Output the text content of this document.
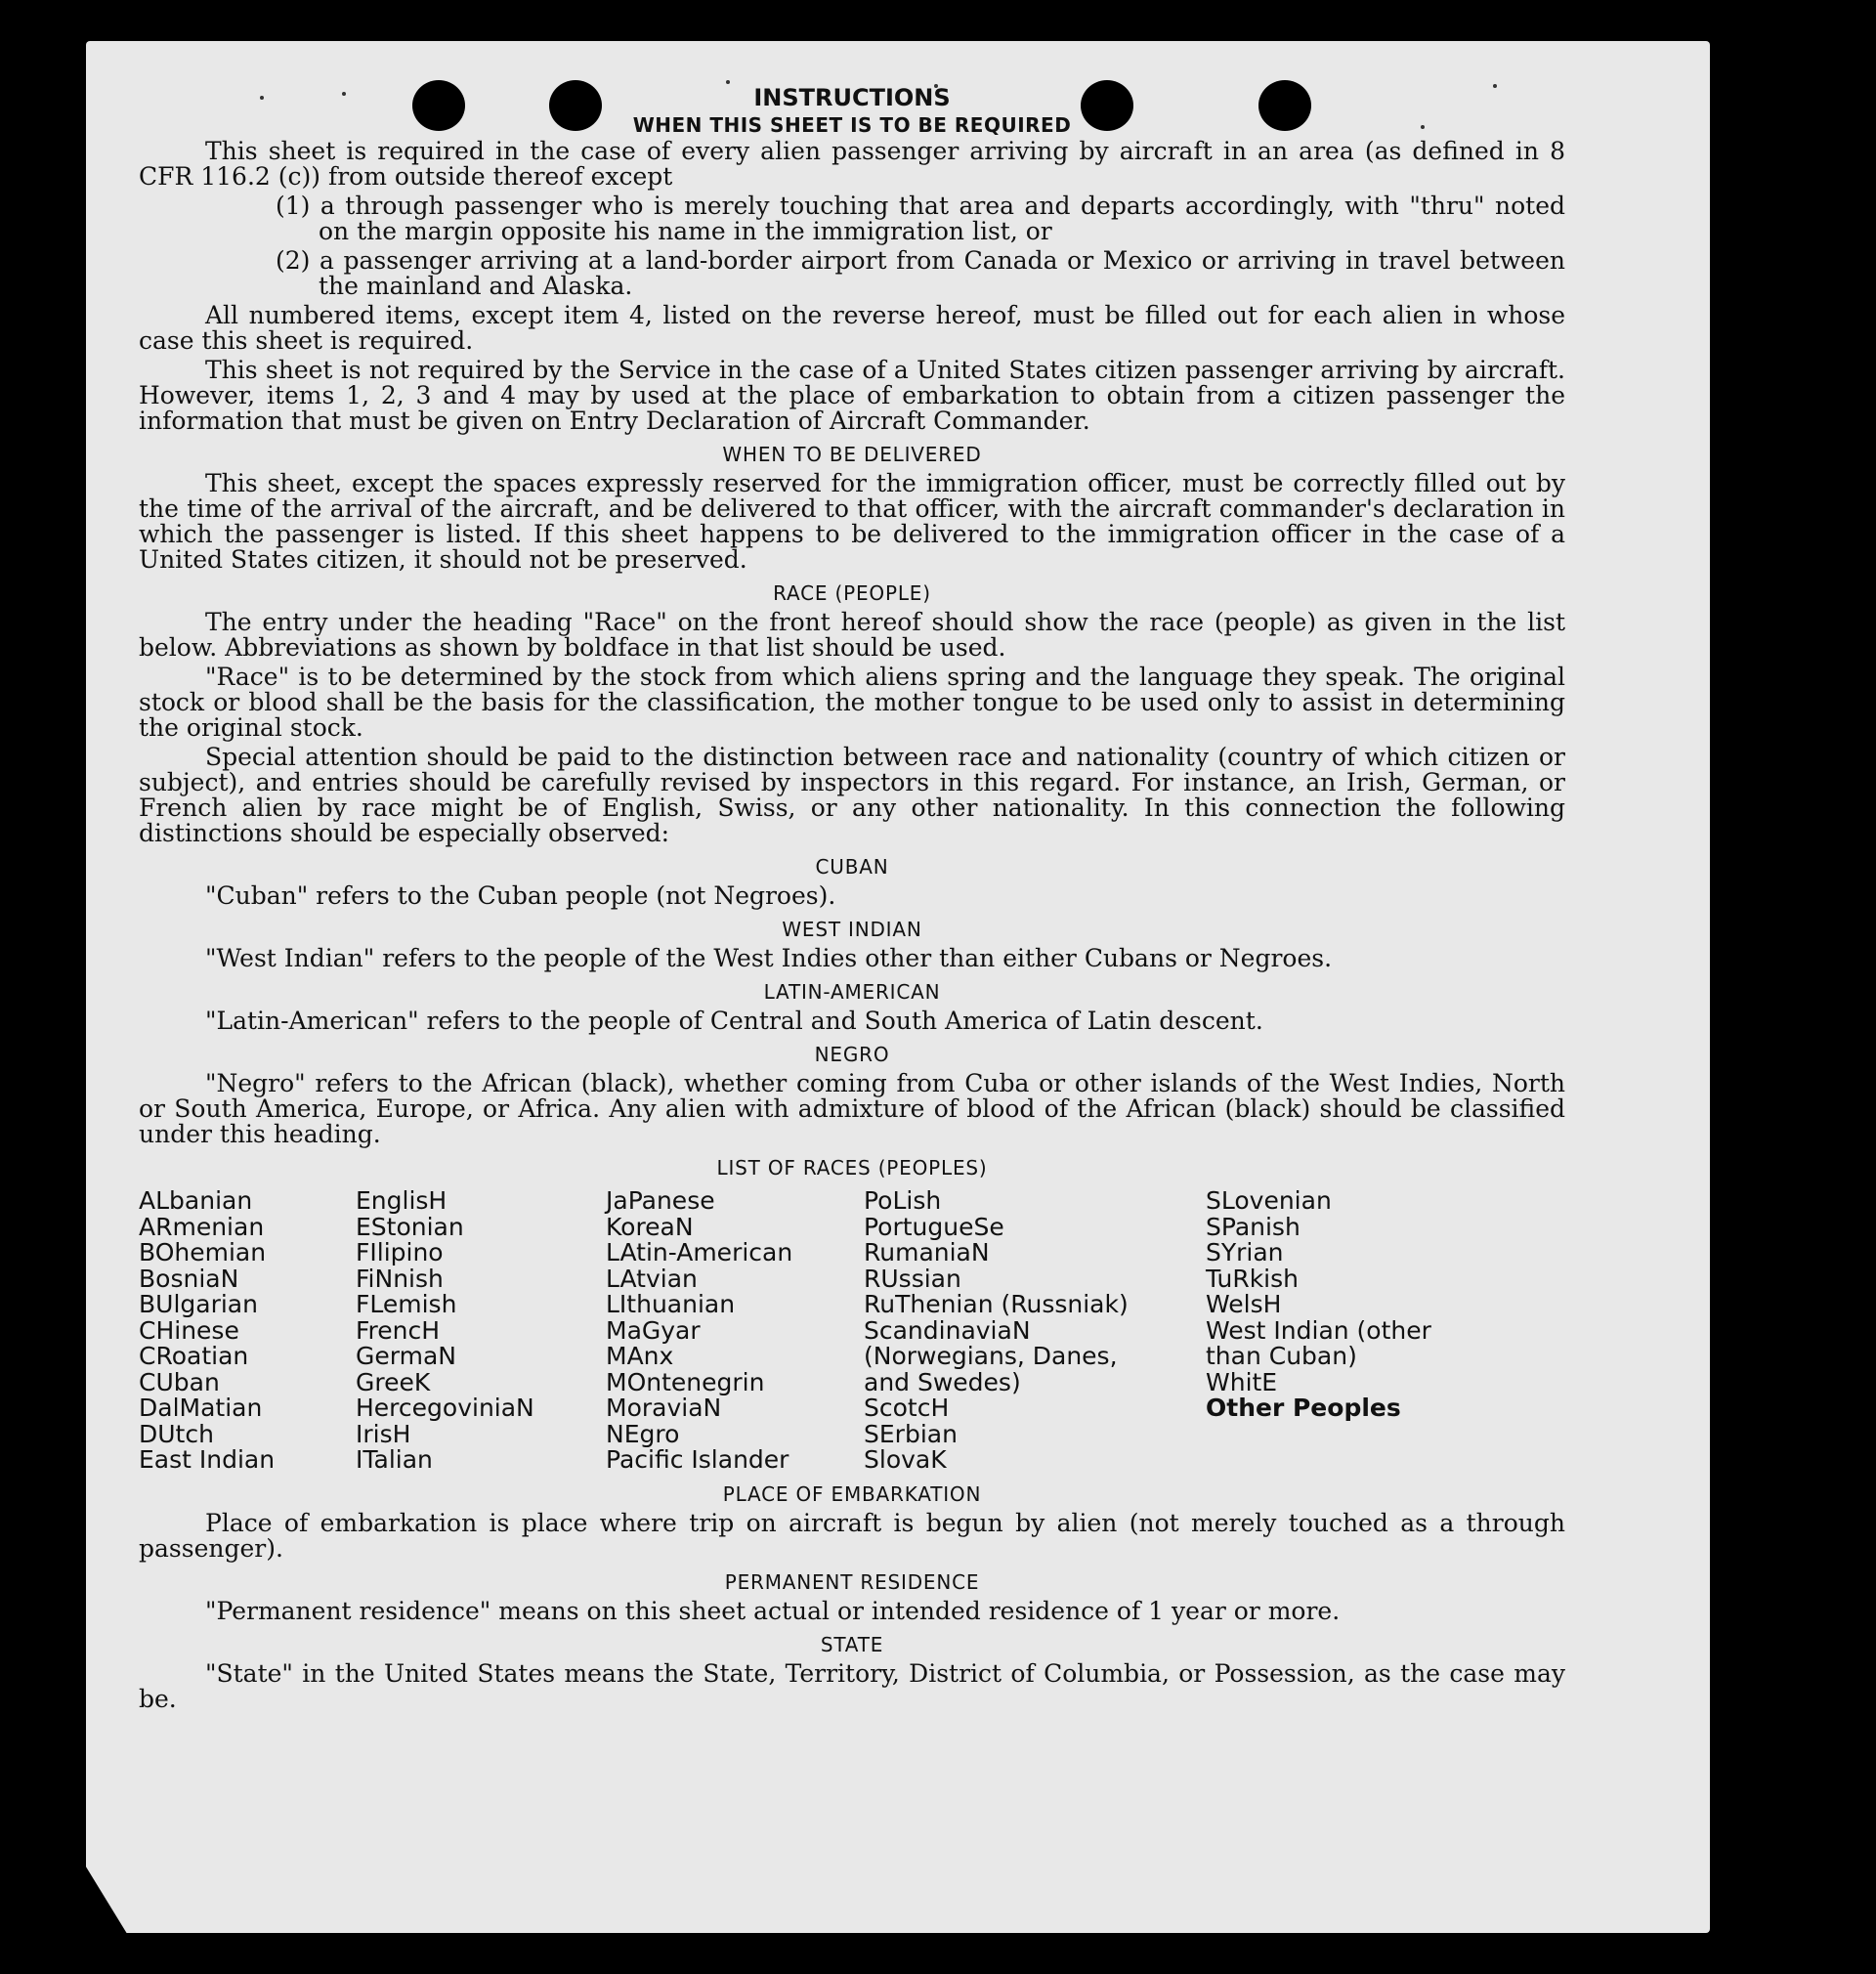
INSTRUCTIONS

WHEN THIS SHEET IS TO BE REQUIRED

This sheet is required in the case of every alien passenger arriving by aircraft in an area (as defined in 8 CFR 116.2 (c)) from outside thereof except

(1) a through passenger who is merely touching that area and departs accordingly, with "thru" noted on the margin opposite his name in the immigration list, or

(2) a passenger arriving at a land-border airport from Canada or Mexico or arriving in travel between the mainland and Alaska.

All numbered items, except item 4, listed on the reverse hereof, must be filled out for each alien in whose case this sheet is required.

This sheet is not required by the Service in the case of a United States citizen passenger arriving by aircraft. However, items 1, 2, 3 and 4 may by used at the place of embarkation to obtain from a citizen passenger the information that must be given on Entry Declaration of Aircraft Commander.

WHEN TO BE DELIVERED

This sheet, except the spaces expressly reserved for the immigration officer, must be correctly filled out by the time of the arrival of the aircraft, and be delivered to that officer, with the aircraft commander's declaration in which the passenger is listed. If this sheet happens to be delivered to the immigration officer in the case of a United States citizen, it should not be preserved.

RACE (PEOPLE)

The entry under the heading "Race" on the front hereof should show the race (people) as given in the list below. Abbreviations as shown by boldface in that list should be used.

"Race" is to be determined by the stock from which aliens spring and the language they speak. The original stock or blood shall be the basis for the classification, the mother tongue to be used only to assist in determining the original stock.

Special attention should be paid to the distinction between race and nationality (country of which citizen or subject), and entries should be carefully revised by inspectors in this regard. For instance, an Irish, German, or French alien by race might be of English, Swiss, or any other nationality. In this connection the following distinctions should be especially observed:

CUBAN

"Cuban" refers to the Cuban people (not Negroes).

WEST INDIAN

"West Indian" refers to the people of the West Indies other than either Cubans or Negroes.

LATIN-AMERICAN

"Latin-American" refers to the people of Central and South America of Latin descent.

NEGRO

"Negro" refers to the African (black), whether coming from Cuba or other islands of the West Indies, North or South America, Europe, or Africa. Any alien with admixture of blood of the African (black) should be classified under this heading.

LIST OF RACES (PEOPLES)

ALbanian
ARmenian
BOhemian
BosniaN
BUlgarian
CHinese
CRoatian
CUban
DalMatian
DUtch
East Indian
EnglisH
EStonian
FIlipino
FiNnish
FLemish
FrencH
GermaN
GreeK
HercegoviniaN
IrisH
ITalian
JaPanese
KoreaN
LAtin-American
LAtvian
LIthuanian
MaGyar
MAnx
MOntenegrin
MoraviaN
NEgro
Pacific Islander
PoLish
PortugueSe
RumaniaN
RUssian
RuThenian (Russniak)
ScandinaviaN (Norwegians, Danes, and Swedes)
ScotcH
SErbian
SlovaK
SLovenian
SPanish
SYrian
TuRkish
WelsH
West Indian (other than Cuban)
WhitE
Other Peoples

PLACE OF EMBARKATION

Place of embarkation is place where trip on aircraft is begun by alien (not merely touched as a through passenger).

PERMANENT RESIDENCE

"Permanent residence" means on this sheet actual or intended residence of 1 year or more.

STATE

"State" in the United States means the State, Territory, District of Columbia, or Possession, as the case may be.
